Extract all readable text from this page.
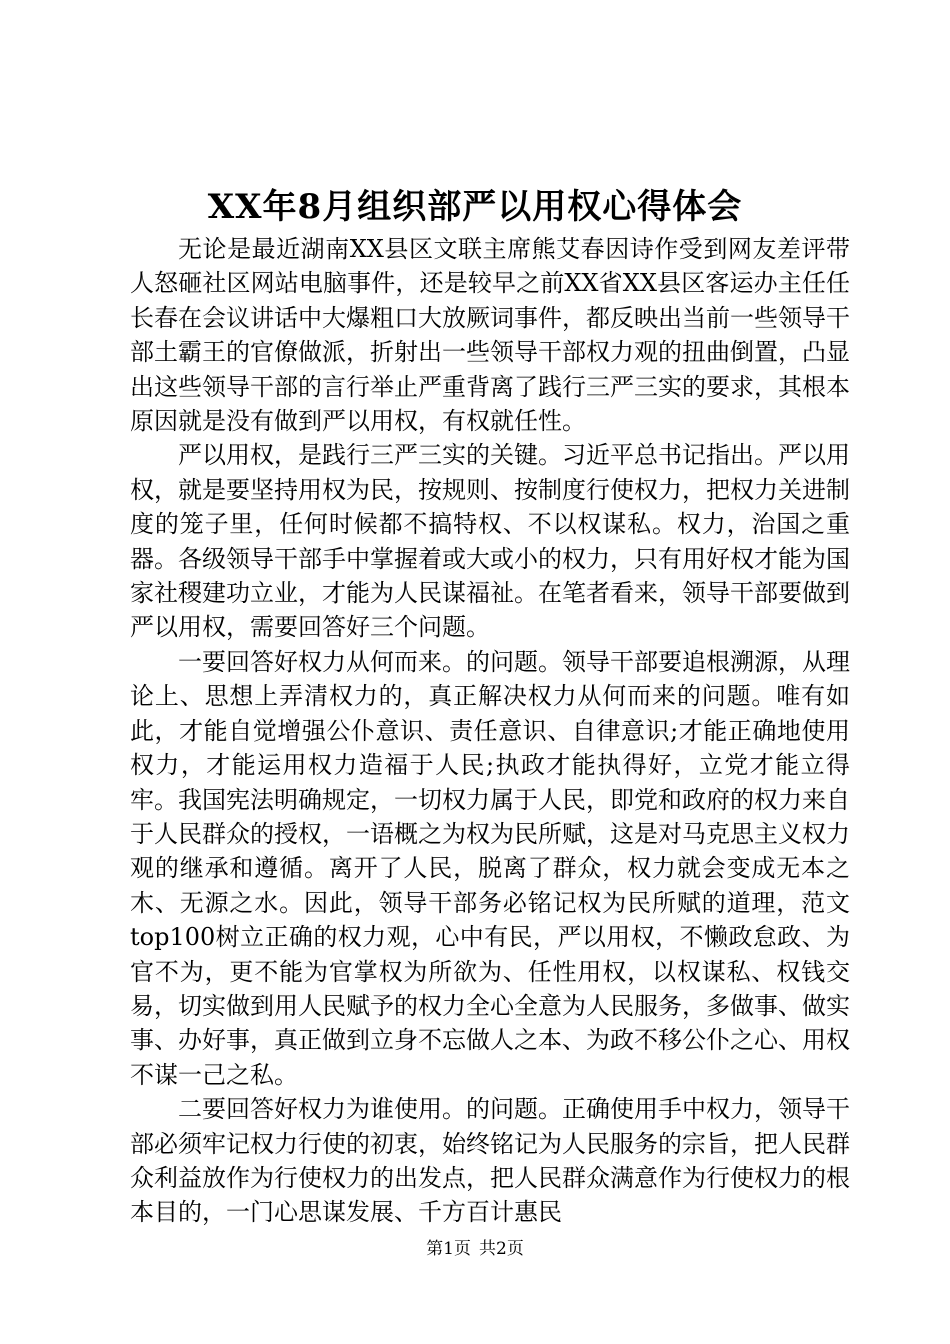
XX年8月组织部严以用权心得体会

无论是最近湖南XX县区文联主席熊艾春因诗作受到网友差评带人怒砸社区网站电脑事件，还是较早之前XX省XX县区客运办主任任长春在会议讲话中大爆粗口大放厥词事件，都反映出当前一些领导干部土霸王的官僚做派，折射出一些领导干部权力观的扭曲倒置，凸显出这些领导干部的言行举止严重背离了践行三严三实的要求，其根本原因就是没有做到严以用权，有权就任性。

严以用权，是践行三严三实的关键。习近平总书记指出。严以用权，就是要坚持用权为民，按规则、按制度行使权力，把权力关进制度的笼子里，任何时候都不搞特权、不以权谋私。权力，治国之重器。各级领导干部手中掌握着或大或小的权力，只有用好权才能为国家社稷建功立业，才能为人民谋福祉。在笔者看来，领导干部要做到严以用权，需要回答好三个问题。

一要回答好权力从何而来。的问题。领导干部要追根溯源，从理论上、思想上弄清权力的，真正解决权力从何而来的问题。唯有如此，才能自觉增强公仆意识、责任意识、自律意识;才能正确地使用权力，才能运用权力造福于人民;执政才能执得好，立党才能立得牢。我国宪法明确规定，一切权力属于人民，即党和政府的权力来自于人民群众的授权，一语概之为权为民所赋，这是对马克思主义权力观的继承和遵循。离开了人民，脱离了群众，权力就会变成无本之木、无源之水。因此，领导干部务必铭记权为民所赋的道理，范文top100树立正确的权力观，心中有民，严以用权，不懒政怠政、为官不为，更不能为官掌权为所欲为、任性用权，以权谋私、权钱交易，切实做到用人民赋予的权力全心全意为人民服务，多做事、做实事、办好事，真正做到立身不忘做人之本、为政不移公仆之心、用权不谋一己之私。

二要回答好权力为谁使用。的问题。正确使用手中权力，领导干部必须牢记权力行使的初衷，始终铭记为人民服务的宗旨，把人民群众利益放作为行使权力的出发点，把人民群众满意作为行使权力的根本目的，一门心思谋发展、千方百计惠民

第1页 共2页
